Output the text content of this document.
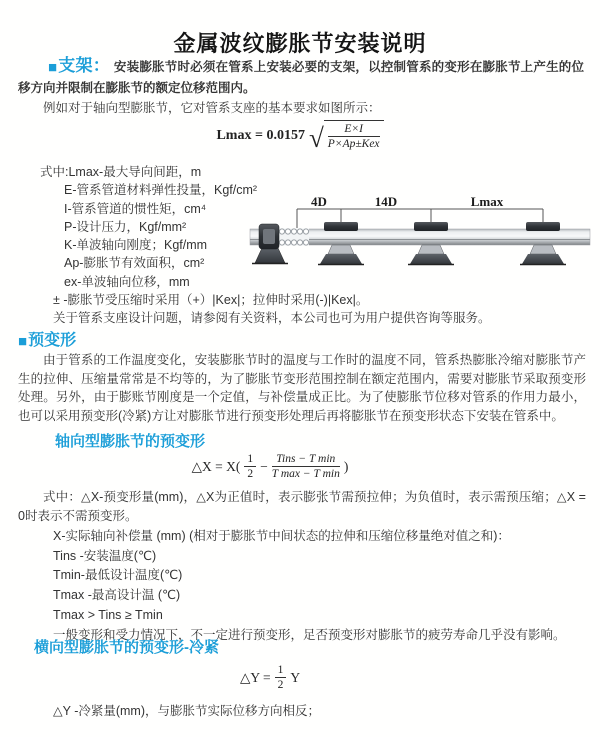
金属波纹膨胀节安装说明
■支架： 安装膨胀节时必须在管系上安装必要的支架，以控制管系的变形在膨胀节上产生的位移方向并限制在膨胀节的额定位移范围内。
例如对于轴向型膨胀节，它对管系支座的基本要求如图所示：
Lmax = 0.0157 √ $\frac{E\times I}{\text{P×Ap±Kex}}$
式中:Lmax-最大导向间距，m
E-管系管道材料弹性投量，Kgf/cm²
I-管系管道的惯性矩，cm⁴
P-设计压力，Kgf/mm²
K-单波轴向刚度；Kgf/mm
Ap-膨胀节有效面积，cm²
ex-单波轴向位移，mm
± -膨胀节受压缩时采用（+）|Kex|；拉伸时采用(-)|Kex|。
关于管系支座设计问题，请参阅有关资料，本公司也可为用户提供咨询等服务。
4D	14D	Lmax
■预变形
由于管系的工作温度变化，安装膨胀节时的温度与工作时的温度不同，管系热膨胀冷缩对膨胀节产生的拉伸、压缩量常常是不均等的，为了膨胀节变形范围控制在额定范围内，需要对膨胀节采取预变形处理。另外，由于膨账节刚度是一个定值，与补偿量成正比。为了使膨胀节位移对管系的作用力最小，也可以采用预变形(冷紧)方让对膨胀节进行预变形处理后再将膨胀节在预变形状态下安装在管系中。
轴向型膨胀节的预变形
△X = $X( \frac{1}{2} - \frac{\text{Tins − T min}}{\text{T max − T min}}$ )
式中：△X-预变形量(mm)，△X为正值时，表示膨张节需预拉伸；为负值时，表示需预压缩；△X = 0时表示不需预变形。
X-实际轴向补偿量 (mm) (相对于膨胀节中间状态的拉伸和压缩位移量绝对值之和)：
Tins -安装温度(℃)
Tmin-最低设计温度(℃)
Tmax -最高设计温 (℃)
Tmax > Tins ≥ Tmin
一般变形和受力情况下，不一定进行预变形，足否预变形对膨胀节的疲劳寿命几乎没有影响。
横向型膨胀节的预变形-冷紧
△Y = $\frac{1}{2}$ Y
△Y -冷紧量(mm)，与膨胀节实际位移方向相反；
